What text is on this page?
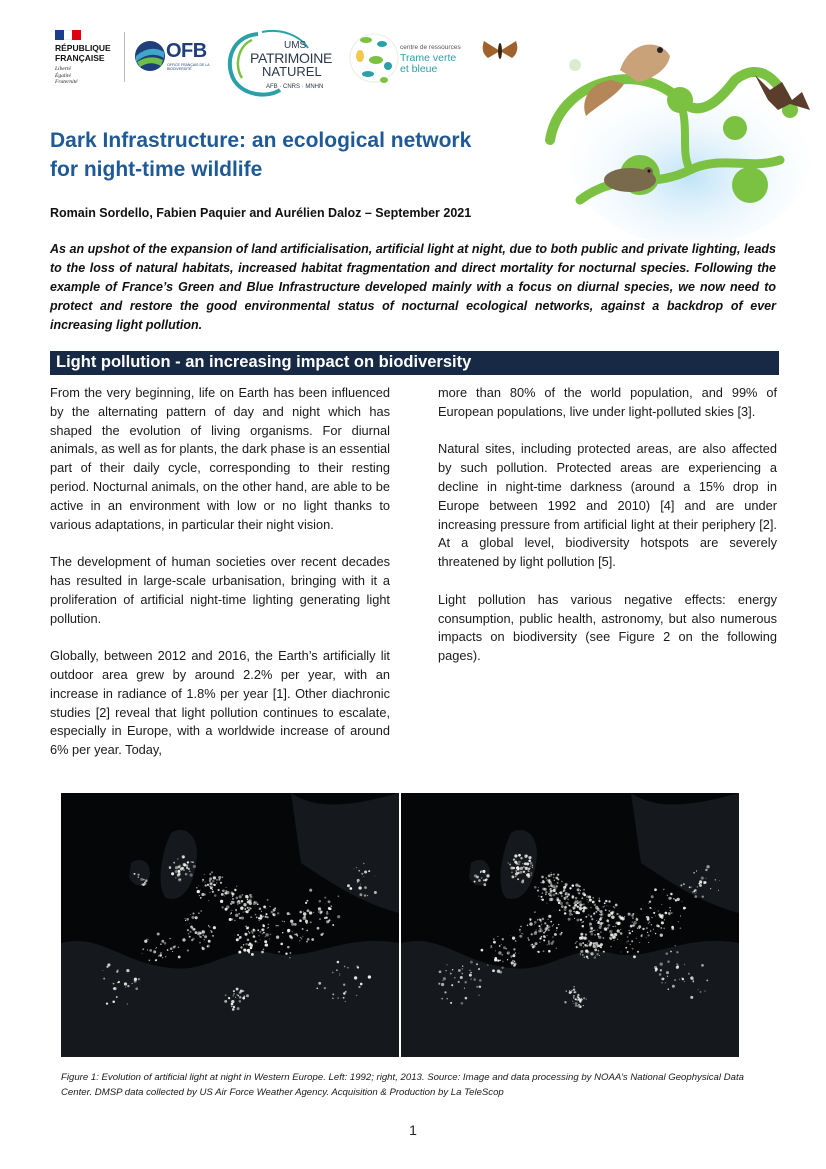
RÉPUBLIQUE
FRANÇAISE
Liberté
Égalité
Fraternité
OFB
OFFICE FRANÇAIS DE LA BIODIVERSITÉ
UMS
PATRIMOINE
NATUREL
AFB · CNRS · MNHN
centre de ressources
Trame verte
et bleue
Dark Infrastructure: an ecological network
for night-time wildlife
Romain Sordello, Fabien Paquier and Aurélien Daloz – September 2021
As an upshot of the expansion of land artificialisation, artificial light at night, due to both public and private lighting, leads to the loss of natural habitats, increased habitat fragmentation and direct mortality for nocturnal species. Following the example of France’s Green and Blue Infrastructure developed mainly with a focus on diurnal species, we now need to protect and restore the good environmental status of nocturnal ecological networks, against a backdrop of ever increasing light pollution.
Light pollution - an increasing impact on biodiversity

From the very beginning, life on Earth has been influenced by the alternating pattern of day and night which has shaped the evolution of living organisms. For diurnal animals, as well as for plants, the dark phase is an essential part of their daily cycle, corresponding to their resting period. Nocturnal animals, on the other hand, are able to be active in an environment with low or no light thanks to various adaptations, in particular their night vision.

The development of human societies over recent decades has resulted in large-scale urbanisation, bringing with it a proliferation of artificial night-time lighting generating light pollution.

Globally, between 2012 and 2016, the Earth’s artificially lit outdoor area grew by around 2.2% per year, with an increase in radiance of 1.8% per year [1]. Other diachronic studies [2] reveal that light pollution continues to escalate, especially in Europe, with a worldwide increase of around 6% per year. Today,

more than 80% of the world population, and 99% of European populations, live under light-polluted skies [3].

Natural sites, including protected areas, are also affected by such pollution. Protected areas are experiencing a decline in night-time darkness (around a 15% drop in Europe between 1992 and 2010) [4] and are under increasing pressure from artificial light at their periphery [2]. At a global level, biodiversity hotspots are severely threatened by light pollution [5].

Light pollution has various negative effects: energy consumption, public health, astronomy, but also numerous impacts on biodiversity (see Figure 2 on the following pages).

Figure 1: Evolution of artificial light at night in Western Europe. Left: 1992; right, 2013. Source: Image and data processing by NOAA’s National Geophysical Data Center. DMSP data collected by US Air Force Weather Agency. Acquisition & Production by La TeleScop
1
